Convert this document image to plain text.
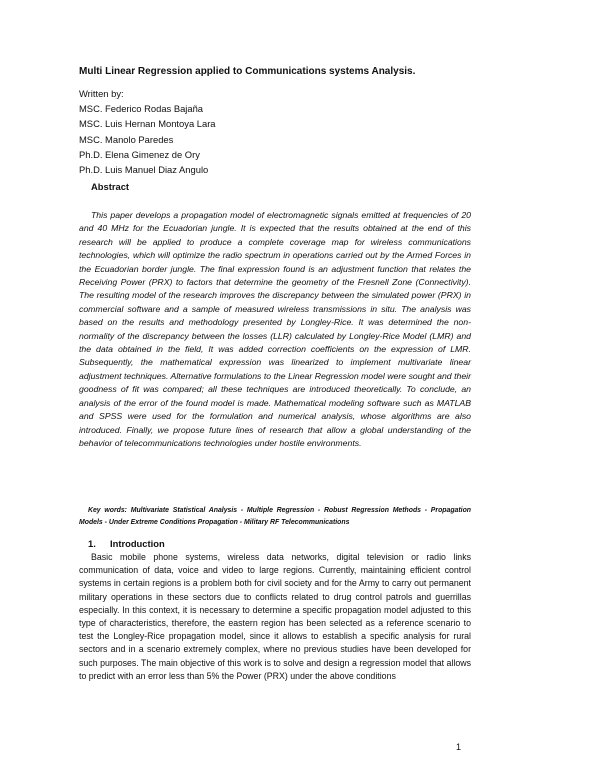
Multi Linear Regression applied to Communications systems Analysis.
Written by:
MSC. Federico Rodas Bajaña
MSC. Luis Hernan Montoya Lara
MSC. Manolo Paredes
Ph.D. Elena Gimenez de Ory
Ph.D. Luis Manuel Diaz Angulo
Abstract

This paper develops a propagation model of electromagnetic signals emitted at frequencies of 20 and 40 MHz for the Ecuadorian jungle. It is expected that the results obtained at the end of this research will be applied to produce a complete coverage map for wireless communications technologies, which will optimize the radio spectrum in operations carried out by the Armed Forces in the Ecuadorian border jungle. The final expression found is an adjustment function that relates the Receiving Power (PRX) to factors that determine the geometry of the Fresnell Zone (Connectivity). The resulting model of the research improves the discrepancy between the simulated power (PRX) in commercial software and a sample of measured wireless transmissions in situ. The analysis was based on the results and methodology presented by Longley-Rice. It was determined the non-normality of the discrepancy between the losses (LLR) calculated by Longley-Rice Model (LMR) and the data obtained in the field, It was added correction coefficients on the expression of LMR. Subsequently, the mathematical expression was linearized to implement multivariate linear adjustment techniques. Alternative formulations to the Linear Regression model were sought and their goodness of fit was compared; all these techniques are introduced theoretically. To conclude, an analysis of the error of the found model is made. Mathematical modeling software such as MATLAB and SPSS were used for the formulation and numerical analysis, whose algorithms are also introduced. Finally, we propose future lines of research that allow a global understanding of the behavior of telecommunications technologies under hostile environments.

Key words: Multivariate Statistical Analysis - Multiple Regression - Robust Regression Methods - Propagation Models - Under Extreme Conditions Propagation - Military RF Telecommunications

1. Introduction

Basic mobile phone systems, wireless data networks, digital television or radio links communication of data, voice and video to large regions. Currently, maintaining efficient control systems in certain regions is a problem both for civil society and for the Army to carry out permanent military operations in these sectors due to conflicts related to drug control patrols and guerrillas especially. In this context, it is necessary to determine a specific propagation model adjusted to this type of characteristics, therefore, the eastern region has been selected as a reference scenario to test the Longley-Rice propagation model, since it allows to establish a specific analysis for rural sectors and in a scenario extremely complex, where no previous studies have been developed for such purposes. The main objective of this work is to solve and design a regression model that allows to predict with an error less than 5% the Power (PRX) under the above conditions

1
